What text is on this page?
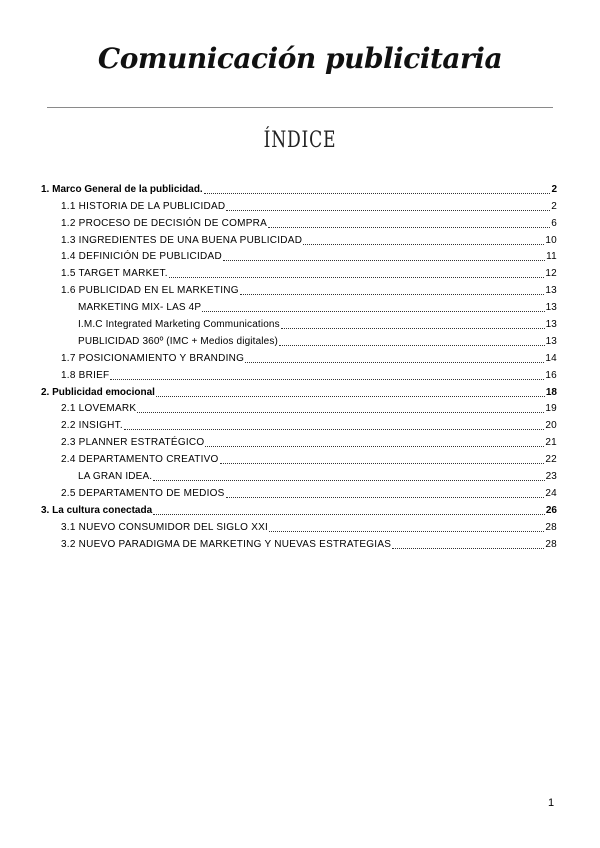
Comunicación publicitaria
ÍNDICE
1. Marco General de la publicidad.	2
1.1 HISTORIA DE LA PUBLICIDAD	2
1.2 PROCESO DE DECISIÓN DE COMPRA	6
1.3 INGREDIENTES DE UNA BUENA PUBLICIDAD	10
1.4 DEFINICIÓN DE PUBLICIDAD	11
1.5 TARGET MARKET.	12
1.6 PUBLICIDAD EN EL MARKETING	13
MARKETING MIX- LAS 4P	13
I.M.C Integrated Marketing Communications	13
PUBLICIDAD 360º (IMC + Medios digitales)	13
1.7 POSICIONAMIENTO Y BRANDING	14
1.8 BRIEF	16
2. Publicidad emocional	18
2.1 LOVEMARK	19
2.2 INSIGHT.	20
2.3 PLANNER ESTRATÉGICO	21
2.4 DEPARTAMENTO CREATIVO	22
LA GRAN IDEA.	23
2.5 DEPARTAMENTO DE MEDIOS	24
3. La cultura conectada	26
3.1 NUEVO CONSUMIDOR DEL SIGLO XXI	28
3.2 NUEVO PARADIGMA DE MARKETING Y NUEVAS ESTRATEGIAS	28
1
